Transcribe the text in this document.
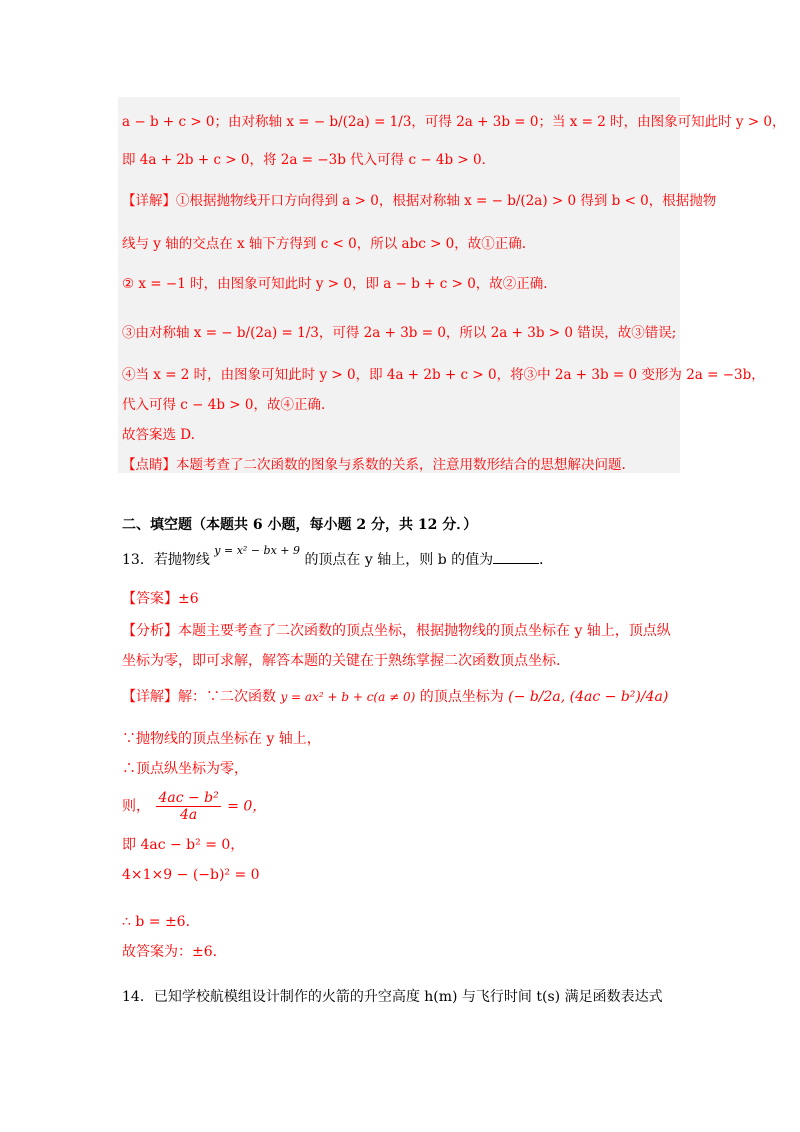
a − b + c > 0；由对称轴 x = − b/(2a) = 1/3，可得 2a + 3b = 0；当 x = 2 时，由图象可知此时 y > 0，
即 4a + 2b + c > 0，将 2a = −3b 代入可得 c − 4b > 0．
【详解】①根据抛物线开口方向得到 a > 0，根据对称轴 x = − b/(2a) > 0 得到 b < 0，根据抛物
线与 y 轴的交点在 x 轴下方得到 c < 0，所以 abc > 0，故①正确.
② x = −1 时，由图象可知此时 y > 0，即 a − b + c > 0，故②正确.
③由对称轴 x = − b/(2a) = 1/3，可得 2a + 3b = 0，所以 2a + 3b > 0 错误，故③错误;
④当 x = 2 时，由图象可知此时 y > 0，即 4a + 2b + c > 0，将③中 2a + 3b = 0 变形为 2a = −3b，
代入可得 c − 4b > 0，故④正确.
故答案选 D.
【点睛】本题考查了二次函数的图象与系数的关系，注意用数形结合的思想解决问题.
二、填空题（本题共 6 小题，每小题 2 分，共 12 分．）
13．若抛物线 $^{y = x^2 - bx + 9}$ 的顶点在 y 轴上，则 b 的值为	．
【答案】±6
【分析】本题主要考查了二次函数的顶点坐标，根据抛物线的顶点坐标在 y 轴上，顶点纵
坐标为零，即可求解，解答本题的关键在于熟练掌握二次函数顶点坐标.
【详解】解：∵二次函数 y = ax² + b + c(a ≠ 0) 的顶点坐标为 (− b/2a, (4ac − b²)/4a)
∵抛物线的顶点坐标在 y 轴上，
∴顶点纵坐标为零，
则， $\frac{\text{4ac − b²}}{4a} = 0$，
即 4ac − b² = 0，
4×1×9 − (−b)² = 0
∴ b = ±6．
故答案为：±6．
14．已知学校航模组设计制作的火箭的升空高度 h(m) 与飞行时间 t(s) 满足函数表达式
